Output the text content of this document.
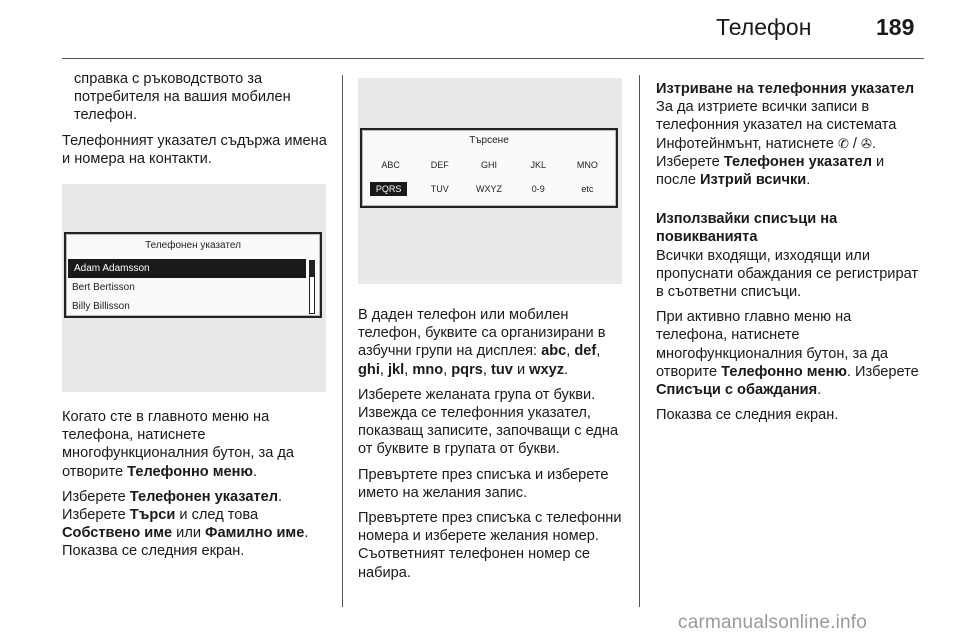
Телефон	189

справка с ръководството за потребителя на вашия мобилен телефон.

Телефонният указател съдържа имена и номера на контакти.

Телефонен указател
Adam Adamsson
Bert Bertisson
Billy Billisson

Когато сте в главното меню на телефона, натиснете многофункционалния бутон, за да отворите Телефонно меню.

Изберете Телефонен указател. Изберете Търси и след това Собствено име или Фамилно име. Показва се следния екран.

Търсене
ABC	DEF	GHI	JKL	MNO
PQRS	TUV	WXYZ	0-9	etc

В даден телефон или мобилен телефон, буквите са организирани в азбучни групи на дисплея: abc, def, ghi, jkl, mno, pqrs, tuv и wxyz.

Изберете желаната група от букви. Извежда се телефонния указател, показващ записите, започващи с една от буквите в групата от букви.

Превъртете през списъка и изберете името на желания запис.

Превъртете през списъка с телефонни номера и изберете желания номер. Съответният телефонен номер се набира.

Изтриване на телефонния указател

За да изтриете всички записи в телефонния указател на системата Инфотейнмънт, натиснете ✆ / ✇. Изберете Телефонен указател и после Изтрий всички.

Използвайки списъци на повикванията

Всички входящи, изходящи или пропуснати обаждания се регистрират в съответни списъци.

При активно главно меню на телефона, натиснете многофункционалния бутон, за да отворите Телефонно меню. Изберете Списъци с обаждания.

Показва се следния екран.

carmanualsonline.info
